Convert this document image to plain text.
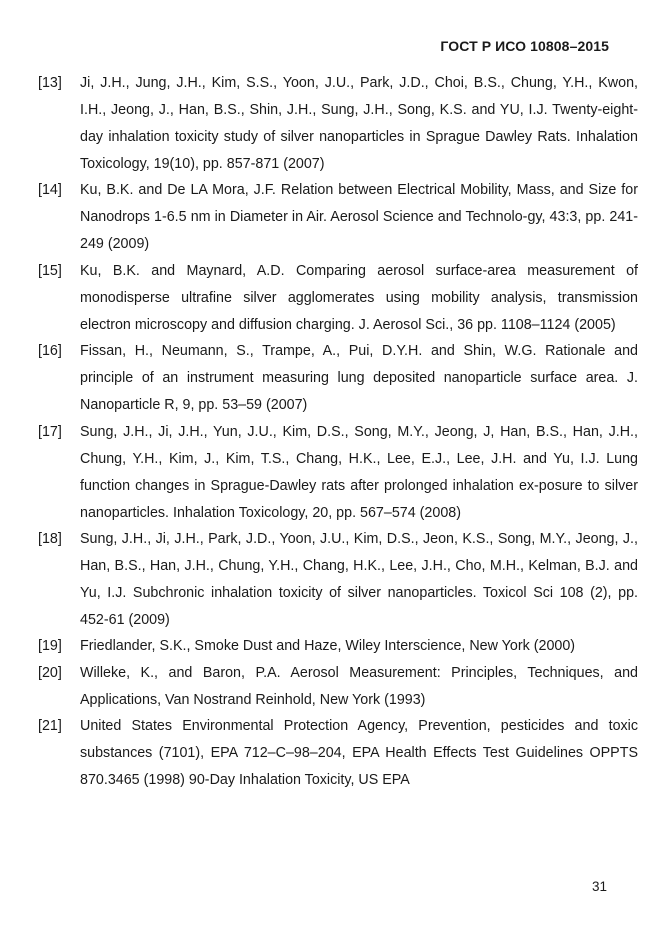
ГОСТ Р ИСО 10808–2015
[13]	Ji, J.H., Jung, J.H., Kim, S.S., Yoon, J.U., Park, J.D., Choi, B.S., Chung, Y.H., Kwon, I.H., Jeong, J., Han, B.S., Shin, J.H., Sung, J.H., Song, K.S. and YU, I.J. Twenty-eight-day inhalation toxicity study of silver nanoparticles in Sprague Dawley Rats. Inhalation Toxicology, 19(10), pp. 857-871 (2007)
[14]	Ku, B.K. and De LA Mora, J.F. Relation between Electrical Mobility, Mass, and Size for Nanodrops 1-6.5 nm in Diameter in Air. Aerosol Science and Technolo-gy, 43:3, pp. 241-249 (2009)
[15]	Ku, B.K. and Maynard, A.D. Comparing aerosol surface-area measurement of monodisperse ultrafine silver agglomerates using mobility analysis, transmission electron microscopy and diffusion charging. J. Aerosol Sci., 36 pp. 1108–1124 (2005)
[16]	Fissan, H., Neumann, S., Trampe, A., Pui, D.Y.H. and Shin, W.G. Rationale and principle of an instrument measuring lung deposited nanoparticle surface area. J. Nanoparticle R, 9, pp. 53–59 (2007)
[17]	Sung, J.H., Ji, J.H., Yun, J.U., Kim, D.S., Song, M.Y., Jeong, J, Han, B.S., Han, J.H., Chung, Y.H., Kim, J., Kim, T.S., Chang, H.K., Lee, E.J., Lee, J.H. and Yu, I.J. Lung function changes in Sprague-Dawley rats after prolonged inhalation ex-posure to silver nanoparticles. Inhalation Toxicology, 20, pp. 567–574 (2008)
[18]	Sung, J.H., Ji, J.H., Park, J.D., Yoon, J.U., Kim, D.S., Jeon, K.S., Song, M.Y., Jeong, J., Han, B.S., Han, J.H., Chung, Y.H., Chang, H.K., Lee, J.H., Cho, M.H., Kelman, B.J. and Yu, I.J. Subchronic inhalation toxicity of silver nanoparticles. Toxicol Sci 108 (2), pp. 452-61 (2009)
[19]	Friedlander, S.K., Smoke Dust and Haze, Wiley Interscience, New York (2000)
[20]	Willeke, K., and Baron, P.A. Aerosol Measurement: Principles, Techniques, and Applications, Van Nostrand Reinhold, New York (1993)
[21]	United States Environmental Protection Agency, Prevention, pesticides and toxic substances (7101), EPA 712–C–98–204, EPA Health Effects Test Guidelines OPPTS 870.3465 (1998) 90-Day Inhalation Toxicity, US EPA
31
